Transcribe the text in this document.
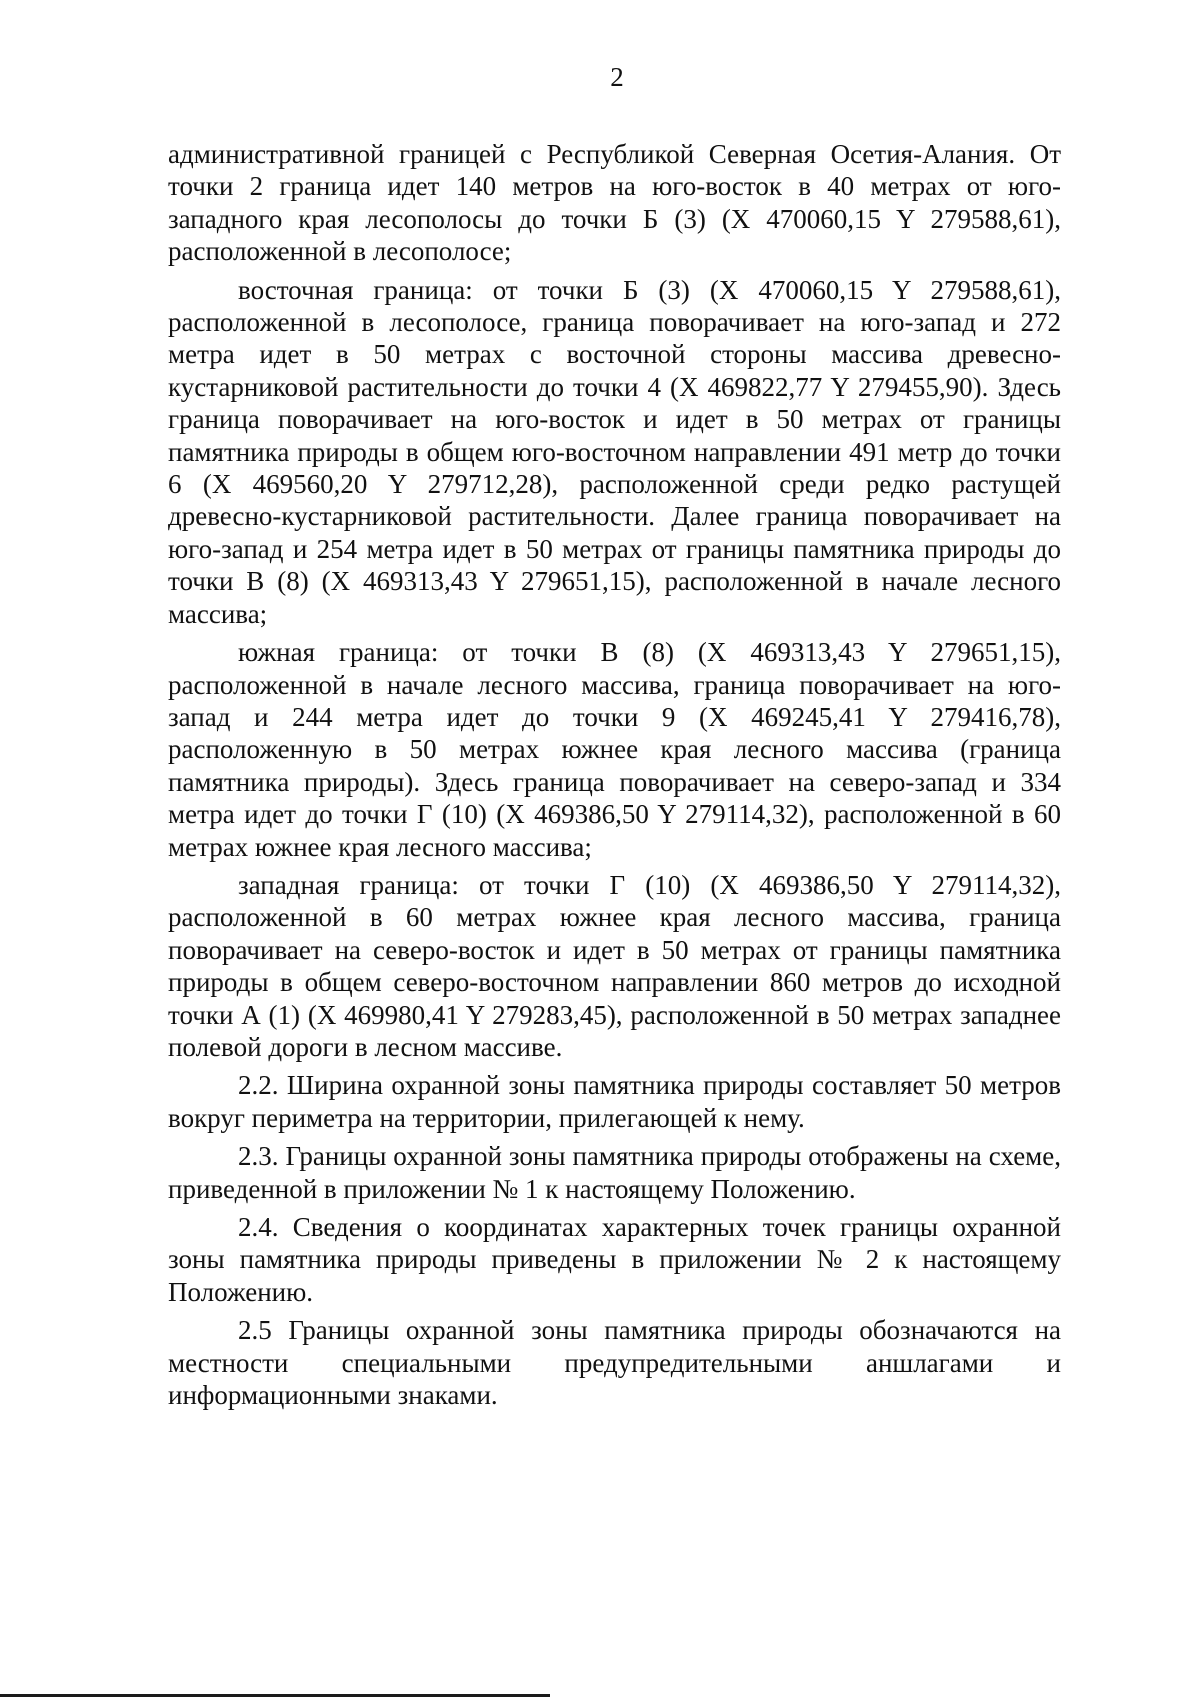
2

административной границей с Республикой Северная Осетия-Алания. От точки 2 граница идет 140 метров на юго-восток в 40 метрах от юго-западного края лесополосы до точки Б (3) (X 470060,15 Y 279588,61), расположенной в лесополосе;

восточная граница: от точки Б (3) (X 470060,15 Y 279588,61), расположенной в лесополосе, граница поворачивает на юго-запад и 272 метра идет в 50 метрах с восточной стороны массива древесно-кустарниковой растительности до точки 4 (X 469822,77 Y 279455,90). Здесь граница поворачивает на юго-восток и идет в 50 метрах от границы памятника природы в общем юго-восточном направлении 491 метр до точки 6 (X 469560,20 Y 279712,28), расположенной среди редко растущей древесно-кустарниковой растительности. Далее граница поворачивает на юго-запад и 254 метра идет в 50 метрах от границы памятника природы до точки В (8) (X 469313,43 Y 279651,15), расположенной в начале лесного массива;

южная граница: от точки В (8) (X 469313,43 Y 279651,15), расположенной в начале лесного массива, граница поворачивает на юго-запад и 244 метра идет до точки 9 (X 469245,41 Y 279416,78), расположенную в 50 метрах южнее края лесного массива (граница памятника природы). Здесь граница поворачивает на северо-запад и 334 метра идет до точки Г (10) (X 469386,50 Y 279114,32), расположенной в 60 метрах южнее края лесного массива;

западная граница: от точки Г (10) (X 469386,50 Y 279114,32), расположенной в 60 метрах южнее края лесного массива, граница поворачивает на северо-восток и идет в 50 метрах от границы памятника природы в общем северо-восточном направлении 860 метров до исходной точки А (1) (X 469980,41 Y 279283,45), расположенной в 50 метрах западнее полевой дороги в лесном массиве.

2.2. Ширина охранной зоны памятника природы составляет 50 метров вокруг периметра на территории, прилегающей к нему.

2.3. Границы охранной зоны памятника природы отображены на схеме, приведенной в приложении № 1 к настоящему Положению.

2.4. Сведения о координатах характерных точек границы охранной зоны памятника природы приведены в приложении № 2 к настоящему Положению.

2.5 Границы охранной зоны памятника природы обозначаются на местности специальными предупредительными аншлагами и информационными знаками.
